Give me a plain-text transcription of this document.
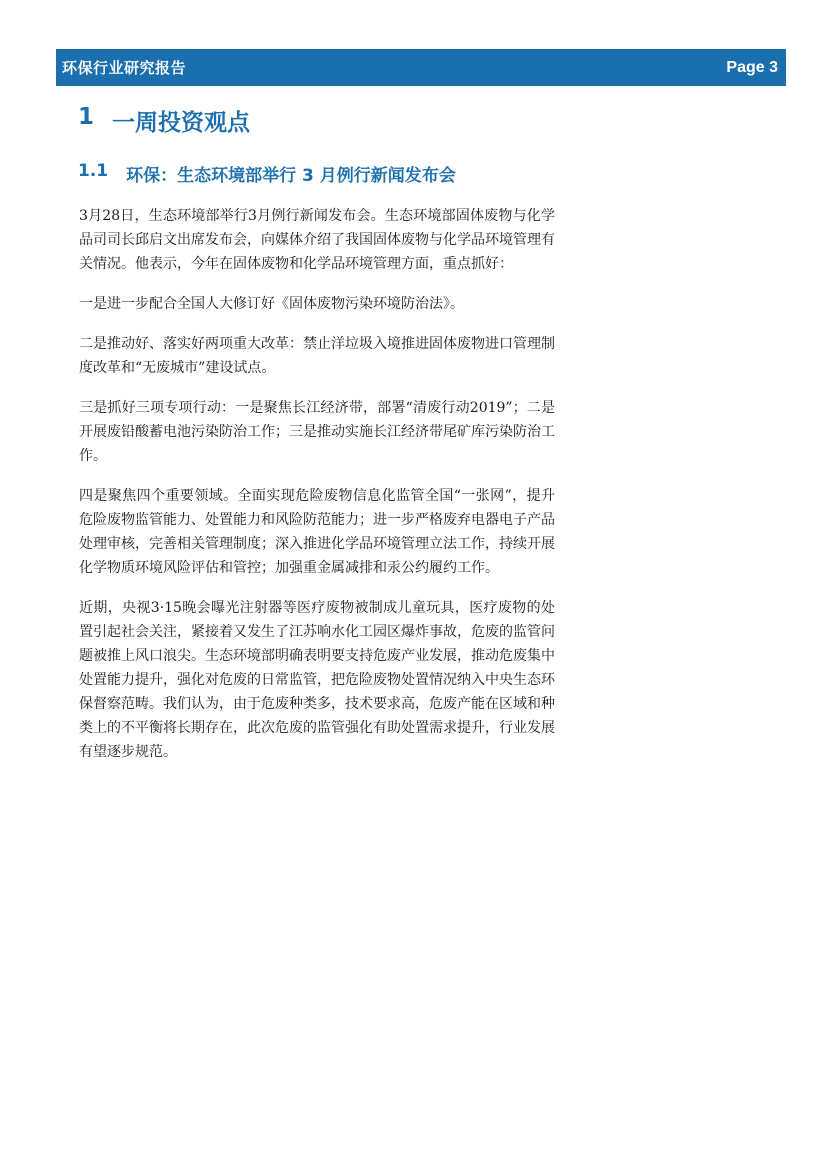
环保行业研究报告	Page 3
1 一周投资观点
1.1 环保：生态环境部举行 3 月例行新闻发布会

3月28日，生态环境部举行3月例行新闻发布会。生态环境部固体废物与化学品司司长邱启文出席发布会，向媒体介绍了我国固体废物与化学品环境管理有关情况。他表示，今年在固体废物和化学品环境管理方面，重点抓好：

一是进一步配合全国人大修订好《固体废物污染环境防治法》。

二是推动好、落实好两项重大改革：禁止洋垃圾入境推进固体废物进口管理制度改革和“无废城市”建设试点。

三是抓好三项专项行动：一是聚焦长江经济带，部署“清废行动2019”；二是开展废铅酸蓄电池污染防治工作；三是推动实施长江经济带尾矿库污染防治工作。

四是聚焦四个重要领域。全面实现危险废物信息化监管全国“一张网”，提升危险废物监管能力、处置能力和风险防范能力；进一步严格废弃电器电子产品处理审核，完善相关管理制度；深入推进化学品环境管理立法工作，持续开展化学物质环境风险评估和管控；加强重金属减排和汞公约履约工作。

近期，央视3·15晚会曝光注射器等医疗废物被制成儿童玩具，医疗废物的处置引起社会关注，紧接着又发生了江苏响水化工园区爆炸事故，危废的监管问题被推上风口浪尖。生态环境部明确表明要支持危废产业发展，推动危废集中处置能力提升，强化对危废的日常监管，把危险废物处置情况纳入中央生态环保督察范畴。我们认为，由于危废种类多，技术要求高，危废产能在区域和种类上的不平衡将长期存在，此次危废的监管强化有助处置需求提升，行业发展有望逐步规范。
